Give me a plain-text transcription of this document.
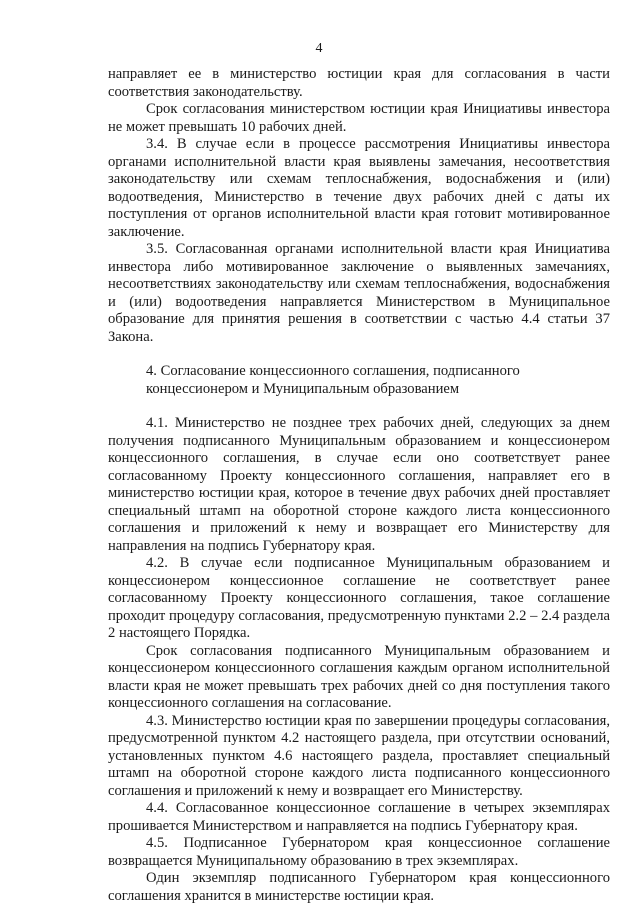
4

направляет ее в министерство юстиции края для согласования в части соответствия законодательству.

Срок согласования министерством юстиции края Инициативы инвестора не может превышать 10 рабочих дней.

3.4. В случае если в процессе рассмотрения Инициативы инвестора органами исполнительной власти края выявлены замечания, несоответствия законодательству или схемам теплоснабжения, водоснабжения и (или) водоотведения, Министерство в течение двух рабочих дней с даты их поступления от органов исполнительной власти края готовит мотивированное заключение.

3.5. Согласованная органами исполнительной власти края Инициатива инвестора либо мотивированное заключение о выявленных замечаниях, несоответствиях законодательству или схемам теплоснабжения, водоснабжения и (или) водоотведения направляется Министерством в Муниципальное образование для принятия решения в соответствии с частью 4.4 статьи 37 Закона.

4. Согласование концессионного соглашения, подписанного концессионером и Муниципальным образованием

4.1. Министерство не позднее трех рабочих дней, следующих за днем получения подписанного Муниципальным образованием и концессионером концессионного соглашения, в случае если оно соответствует ранее согласованному Проекту концессионного соглашения, направляет его в министерство юстиции края, которое в течение двух рабочих дней проставляет специальный штамп на оборотной стороне каждого листа концессионного соглашения и приложений к нему и возвращает его Министерству для направления на подпись Губернатору края.

4.2. В случае если подписанное Муниципальным образованием и концессионером концессионное соглашение не соответствует ранее согласованному Проекту концессионного соглашения, такое соглашение проходит процедуру согласования, предусмотренную пунктами 2.2 – 2.4 раздела 2 настоящего Порядка.

Срок согласования подписанного Муниципальным образованием и концессионером концессионного соглашения каждым органом исполнительной власти края не может превышать трех рабочих дней со дня поступления такого концессионного соглашения на согласование.

4.3. Министерство юстиции края по завершении процедуры согласования, предусмотренной пунктом 4.2 настоящего раздела, при отсутствии оснований, установленных пунктом 4.6 настоящего раздела, проставляет специальный штамп на оборотной стороне каждого листа подписанного концессионного соглашения и приложений к нему и возвращает его Министерству.

4.4. Согласованное концессионное соглашение в четырех экземплярах прошивается Министерством и направляется на подпись Губернатору края.

4.5. Подписанное Губернатором края концессионное соглашение возвращается Муниципальному образованию в трех экземплярах.

Один экземпляр подписанного Губернатором края концессионного соглашения хранится в министерстве юстиции края.
